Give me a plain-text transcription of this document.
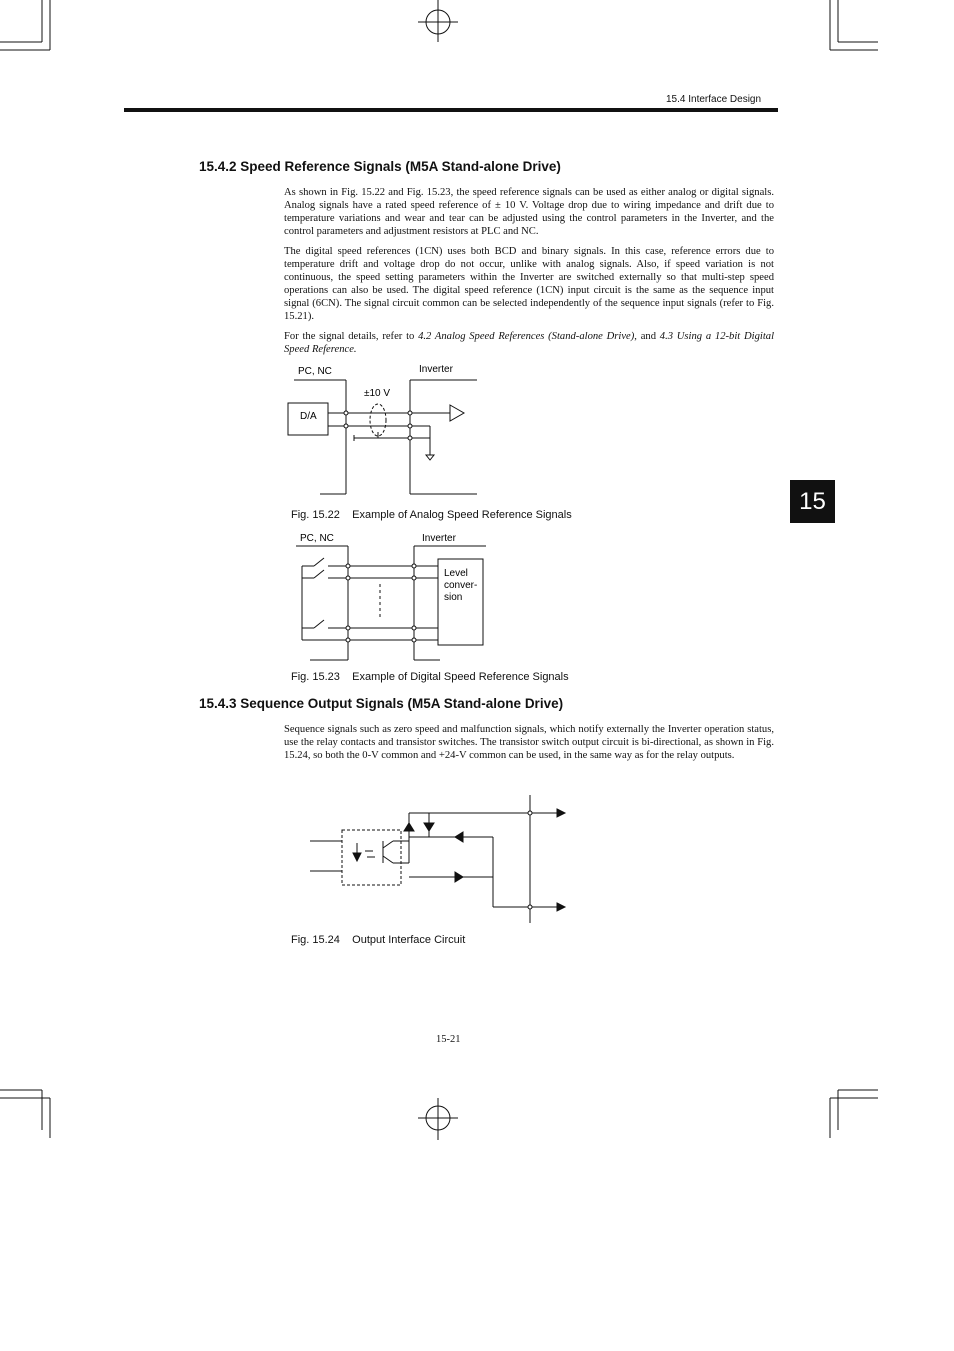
15.4 Interface Design
15.4.2 Speed Reference Signals (M5A Stand-alone Drive)

As shown in Fig. 15.22 and Fig. 15.23, the speed reference signals can be used as either analog or digital signals. Analog signals have a rated speed reference of ± 10 V. Voltage drop due to wiring impedance and drift due to temperature variations and wear and tear can be adjusted using the control parameters in the Inverter, and the control parameters and adjustment resistors at PLC and NC.

The digital speed references (1CN) uses both BCD and binary signals. In this case, reference errors due to temperature drift and voltage drop do not occur, unlike with analog signals. Also, if speed variation is not continuous, the speed setting parameters within the Inverter are switched externally so that multi-step speed operations can also be used. The digital speed reference (1CN) input circuit is the same as the sequence input signal (6CN). The signal circuit common can be selected independently of the sequence input signals (refer to Fig. 15.21).

For the signal details, refer to 4.2 Analog Speed References (Stand-alone Drive), and 4.3 Using a 12-bit Digital Speed Reference.

PC, NC	Inverter
±10 V
D/A
Fig. 15.22 Example of Analog Speed Reference Signals
PC, NC	Inverter
Level
conver-
sion
Fig. 15.23 Example of Digital Speed Reference Signals
15.4.3 Sequence Output Signals (M5A Stand-alone Drive)

Sequence signals such as zero speed and malfunction signals, which notify externally the Inverter operation status, use the relay contacts and transistor switches. The transistor switch output circuit is bi-directional, as shown in Fig. 15.24, so both the 0-V common and +24-V common can be used, in the same way as for the relay outputs.

Fig. 15.24 Output Interface Circuit
15
15-21
